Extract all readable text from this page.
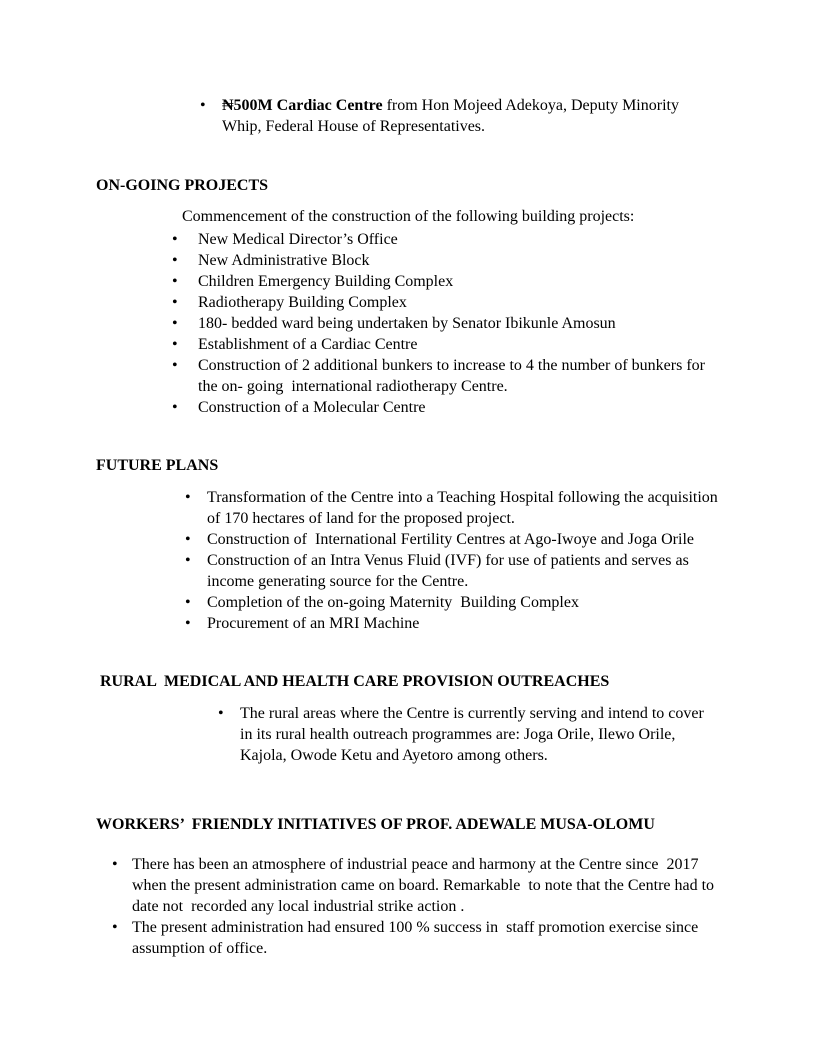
• ₦500M Cardiac Centre from Hon Mojeed Adekoya, Deputy Minority Whip, Federal House of Representatives.
ON-GOING PROJECTS

Commencement of the construction of the following building projects:

• New Medical Director’s Office
• New Administrative Block
• Children Emergency Building Complex
• Radiotherapy Building Complex
• 180- bedded ward being undertaken by Senator Ibikunle Amosun
• Establishment of a Cardiac Centre
• Construction of 2 additional bunkers to increase to 4 the number of bunkers for the on- going  international radiotherapy Centre.
• Construction of a Molecular Centre
FUTURE PLANS
• Transformation of the Centre into a Teaching Hospital following the acquisition of 170 hectares of land for the proposed project.
• Construction of  International Fertility Centres at Ago-Iwoye and Joga Orile
• Construction of an Intra Venus Fluid (IVF) for use of patients and serves as income generating source for the Centre.
• Completion of the on-going Maternity  Building Complex
• Procurement of an MRI Machine
RURAL  MEDICAL AND HEALTH CARE PROVISION OUTREACHES
• The rural areas where the Centre is currently serving and intend to cover in its rural health outreach programmes are: Joga Orile, Ilewo Orile, Kajola, Owode Ketu and Ayetoro among others.
WORKERS’  FRIENDLY INITIATIVES OF PROF. ADEWALE MUSA-OLOMU
• There has been an atmosphere of industrial peace and harmony at the Centre since  2017 when the present administration came on board. Remarkable  to note that the Centre had to date not  recorded any local industrial strike action .
• The present administration had ensured 100 % success in  staff promotion exercise since assumption of office.
